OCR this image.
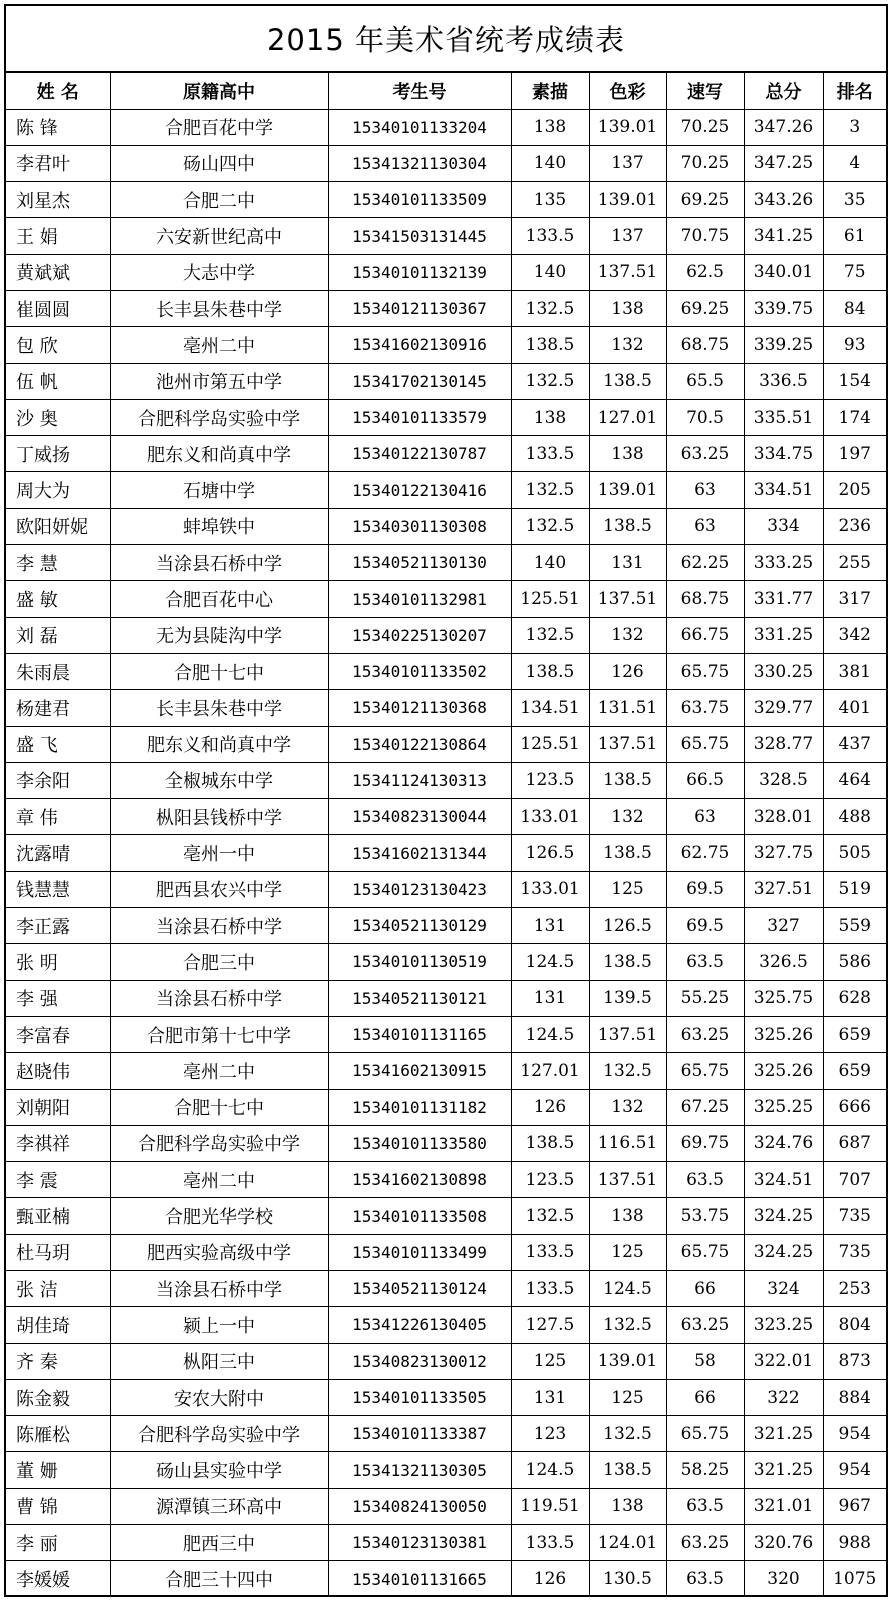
2015 年美术省统考成绩表
姓 名	原籍高中	考生号	素描	色彩	速写	总分	排名
陈 锋	合肥百花中学	15340101133204	138	139.01	70.25	347.26	3
李君叶	砀山四中	15341321130304	140	137	70.25	347.25	4
刘星杰	合肥二中	15340101133509	135	139.01	69.25	343.26	35
王 娟	六安新世纪高中	15341503131445	133.5	137	70.75	341.25	61
黄斌斌	大志中学	15340101132139	140	137.51	62.5	340.01	75
崔圆圆	长丰县朱巷中学	15340121130367	132.5	138	69.25	339.75	84
包 欣	亳州二中	15341602130916	138.5	132	68.75	339.25	93
伍 帆	池州市第五中学	15341702130145	132.5	138.5	65.5	336.5	154
沙 奥	合肥科学岛实验中学	15340101133579	138	127.01	70.5	335.51	174
丁威扬	肥东义和尚真中学	15340122130787	133.5	138	63.25	334.75	197
周大为	石塘中学	15340122130416	132.5	139.01	63	334.51	205
欧阳妍妮	蚌埠铁中	15340301130308	132.5	138.5	63	334	236
李 慧	当涂县石桥中学	15340521130130	140	131	62.25	333.25	255
盛 敏	合肥百花中心	15340101132981	125.51	137.51	68.75	331.77	317
刘 磊	无为县陡沟中学	15340225130207	132.5	132	66.75	331.25	342
朱雨晨	合肥十七中	15340101133502	138.5	126	65.75	330.25	381
杨建君	长丰县朱巷中学	15340121130368	134.51	131.51	63.75	329.77	401
盛 飞	肥东义和尚真中学	15340122130864	125.51	137.51	65.75	328.77	437
李余阳	全椒城东中学	15341124130313	123.5	138.5	66.5	328.5	464
章 伟	枞阳县钱桥中学	15340823130044	133.01	132	63	328.01	488
沈露晴	亳州一中	15341602131344	126.5	138.5	62.75	327.75	505
钱慧慧	肥西县农兴中学	15340123130423	133.01	125	69.5	327.51	519
李正露	当涂县石桥中学	15340521130129	131	126.5	69.5	327	559
张 明	合肥三中	15340101130519	124.5	138.5	63.5	326.5	586
李 强	当涂县石桥中学	15340521130121	131	139.5	55.25	325.75	628
李富春	合肥市第十七中学	15340101131165	124.5	137.51	63.25	325.26	659
赵晓伟	亳州二中	15341602130915	127.01	132.5	65.75	325.26	659
刘朝阳	合肥十七中	15340101131182	126	132	67.25	325.25	666
李祺祥	合肥科学岛实验中学	15340101133580	138.5	116.51	69.75	324.76	687
李 震	亳州二中	15341602130898	123.5	137.51	63.5	324.51	707
甄亚楠	合肥光华学校	15340101133508	132.5	138	53.75	324.25	735
杜马玥	肥西实验高级中学	15340101133499	133.5	125	65.75	324.25	735
张 洁	当涂县石桥中学	15340521130124	133.5	124.5	66	324	253
胡佳琦	颍上一中	15341226130405	127.5	132.5	63.25	323.25	804
齐 秦	枞阳三中	15340823130012	125	139.01	58	322.01	873
陈金毅	安农大附中	15340101133505	131	125	66	322	884
陈雁松	合肥科学岛实验中学	15340101133387	123	132.5	65.75	321.25	954
董 姗	砀山县实验中学	15341321130305	124.5	138.5	58.25	321.25	954
曹 锦	源潭镇三环高中	15340824130050	119.51	138	63.5	321.01	967
李 丽	肥西三中	15340123130381	133.5	124.01	63.25	320.76	988
李媛媛	合肥三十四中	15340101131665	126	130.5	63.5	320	1075
